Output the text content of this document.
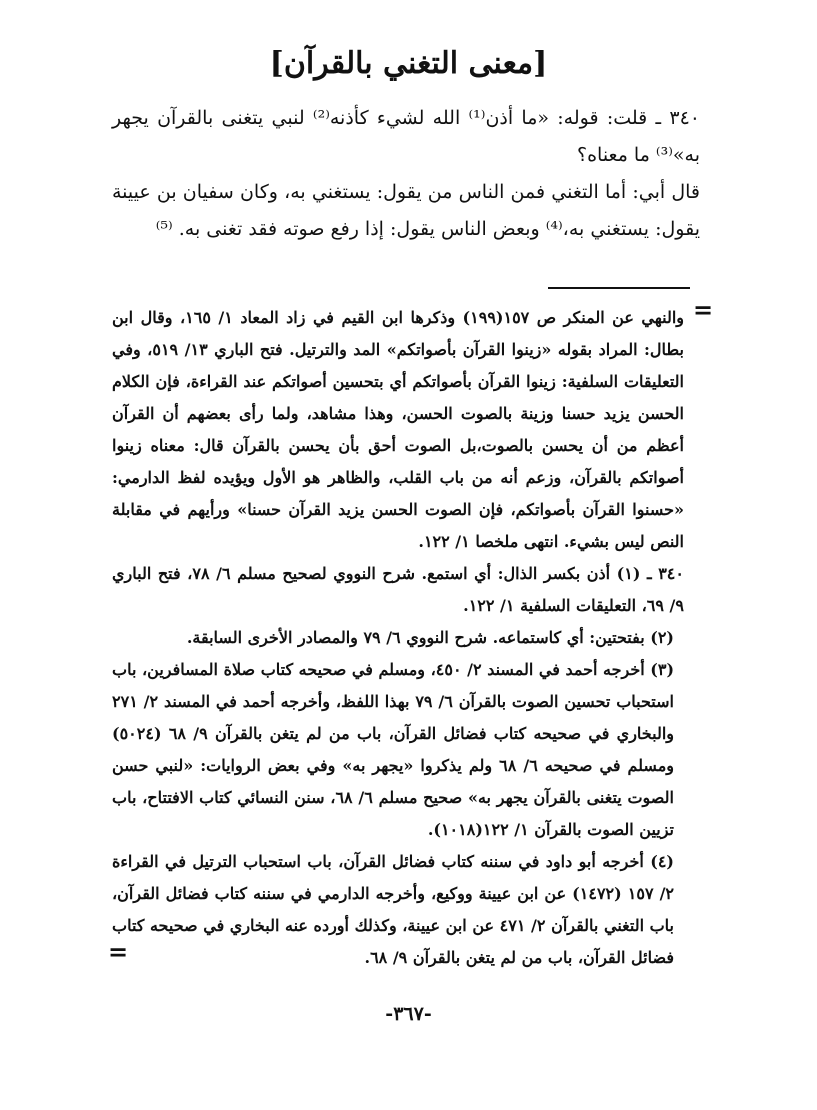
[معنى التغني بالقرآن]

٣٤٠ ـ قلت: قوله: «ما أذن⁽¹⁾ الله لشيء كأذنه⁽²⁾ لنبي يتغنى بالقرآن يجهر به»⁽³⁾ ما معناه؟

قال أبي: أما التغني فمن الناس من يقول: يستغني به، وكان سفيان بن عيينة يقول: يستغني به،⁽⁴⁾ وبعض الناس يقول: إذا رفع صوته فقد تغنى به. ⁽⁵⁾

=

والنهي عن المنكر ص ١٥٧(١٩٩) وذكرها ابن القيم في زاد المعاد ١/ ١٦٥، وقال ابن بطال: المراد بقوله «زينوا القرآن بأصواتكم» المد والترتيل. فتح الباري ١٣/ ٥١٩، وفي التعليقات السلفية: زينوا القرآن بأصواتكم أي بتحسين أصواتكم عند القراءة، فإن الكلام الحسن يزيد حسنا وزينة بالصوت الحسن، وهذا مشاهد، ولما رأى بعضهم أن القرآن أعظم من أن يحسن بالصوت،بل الصوت أحق بأن يحسن بالقرآن قال: معناه زينوا أصواتكم بالقرآن، وزعم أنه من باب القلب، والظاهر هو الأول ويؤيده لفظ الدارمي: «حسنوا القرآن بأصواتكم، فإن الصوت الحسن يزيد القرآن حسنا» ورأيهم في مقابلة النص ليس بشيء. انتهى ملخصا ١/ ١٢٢.

٣٤٠ ـ (١) أذن بكسر الذال: أي استمع. شرح النووي لصحيح مسلم ٦/ ٧٨، فتح الباري ٩/ ٦٩، التعليقات السلفية ١/ ١٢٢.

(٢) بفتحتين: أي كاستماعه. شرح النووي ٦/ ٧٩ والمصادر الأخرى السابقة.

(٣) أخرجه أحمد في المسند ٢/ ٤٥٠، ومسلم في صحيحه كتاب صلاة المسافرين، باب استحباب تحسين الصوت بالقرآن ٦/ ٧٩ بهذا اللفظ، وأخرجه أحمد في المسند ٢/ ٢٧١ والبخاري في صحيحه كتاب فضائل القرآن، باب من لم يتغن بالقرآن ٩/ ٦٨ (٥٠٢٤) ومسلم في صحيحه ٦/ ٦٨ ولم يذكروا «يجهر به» وفي بعض الروايات: «لنبي حسن الصوت يتغنى بالقرآن يجهر به» صحيح مسلم ٦/ ٦٨، سنن النسائي كتاب الافتتاح، باب تزيين الصوت بالقرآن ١/ ١٢٢(١٠١٨).

(٤) أخرجه أبو داود في سننه كتاب فضائل القرآن، باب استحباب الترتيل في القراءة ٢/ ١٥٧ (١٤٧٢) عن ابن عيينة ووكيع، وأخرجه الدارمي في سننه كتاب فضائل القرآن، باب التغني بالقرآن ٢/ ٤٧١ عن ابن عيينة، وكذلك أورده عنه البخاري في صحيحه كتاب فضائل القرآن، باب من لم يتغن بالقرآن ٩/ ٦٨.

=
-٣٦٧-
